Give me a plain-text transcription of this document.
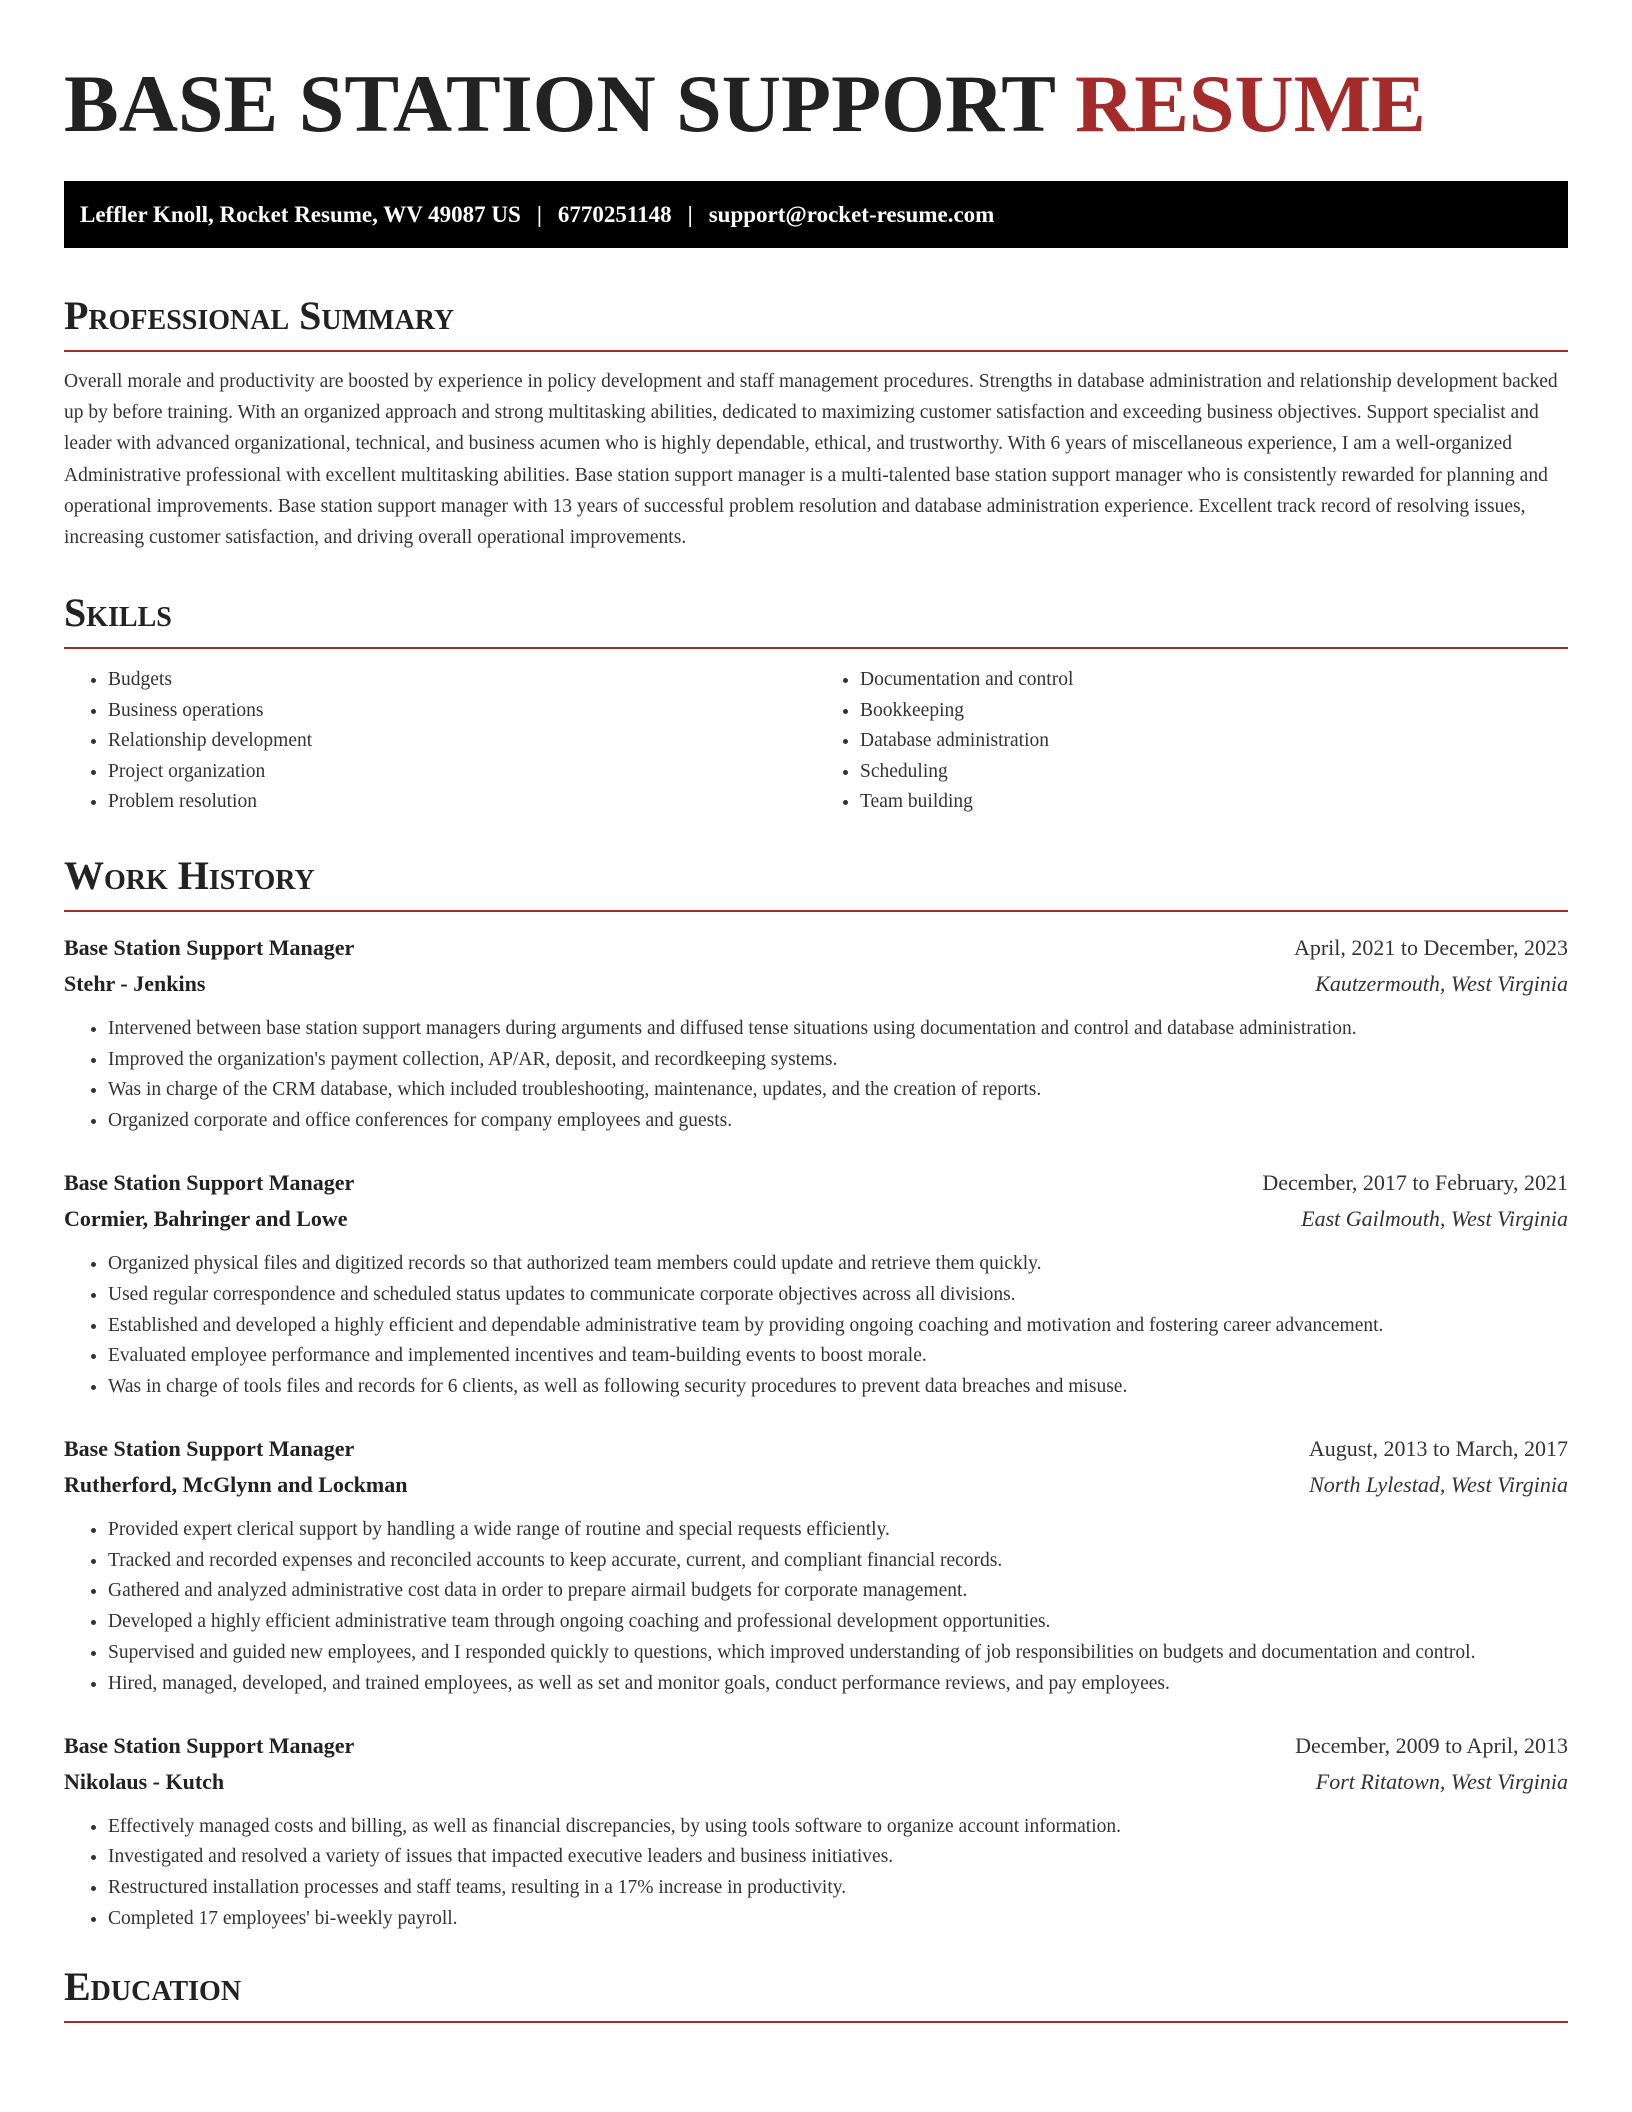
BASE STATION SUPPORT RESUME
Leffler Knoll, Rocket Resume, WV 49087 US | 6770251148 | support@rocket-resume.com
Professional Summary

Overall morale and productivity are boosted by experience in policy development and staff management procedures. Strengths in database administration and relationship development backed up by before training. With an organized approach and strong multitasking abilities, dedicated to maximizing customer satisfaction and exceeding business objectives. Support specialist and leader with advanced organizational, technical, and business acumen who is highly dependable, ethical, and trustworthy. With 6 years of miscellaneous experience, I am a well-organized Administrative professional with excellent multitasking abilities. Base station support manager is a multi-talented base station support manager who is consistently rewarded for planning and operational improvements. Base station support manager with 13 years of successful problem resolution and database administration experience. Excellent track record of resolving issues, increasing customer satisfaction, and driving overall operational improvements.

Skills
• Budgets
• Business operations
• Relationship development
• Project organization
• Problem resolution
• Documentation and control
• Bookkeeping
• Database administration
• Scheduling
• Team building
Work History
Base Station Support Manager	April, 2021 to December, 2023
Stehr - Jenkins	Kautzermouth, West Virginia
• Intervened between base station support managers during arguments and diffused tense situations using documentation and control and database administration.
• Improved the organization's payment collection, AP/AR, deposit, and recordkeeping systems.
• Was in charge of the CRM database, which included troubleshooting, maintenance, updates, and the creation of reports.
• Organized corporate and office conferences for company employees and guests.
Base Station Support Manager	December, 2017 to February, 2021
Cormier, Bahringer and Lowe	East Gailmouth, West Virginia
• Organized physical files and digitized records so that authorized team members could update and retrieve them quickly.
• Used regular correspondence and scheduled status updates to communicate corporate objectives across all divisions.
• Established and developed a highly efficient and dependable administrative team by providing ongoing coaching and motivation and fostering career advancement.
• Evaluated employee performance and implemented incentives and team-building events to boost morale.
• Was in charge of tools files and records for 6 clients, as well as following security procedures to prevent data breaches and misuse.
Base Station Support Manager	August, 2013 to March, 2017
Rutherford, McGlynn and Lockman	North Lylestad, West Virginia
• Provided expert clerical support by handling a wide range of routine and special requests efficiently.
• Tracked and recorded expenses and reconciled accounts to keep accurate, current, and compliant financial records.
• Gathered and analyzed administrative cost data in order to prepare airmail budgets for corporate management.
• Developed a highly efficient administrative team through ongoing coaching and professional development opportunities.
• Supervised and guided new employees, and I responded quickly to questions, which improved understanding of job responsibilities on budgets and documentation and control.
• Hired, managed, developed, and trained employees, as well as set and monitor goals, conduct performance reviews, and pay employees.
Base Station Support Manager	December, 2009 to April, 2013
Nikolaus - Kutch	Fort Ritatown, West Virginia
• Effectively managed costs and billing, as well as financial discrepancies, by using tools software to organize account information.
• Investigated and resolved a variety of issues that impacted executive leaders and business initiatives.
• Restructured installation processes and staff teams, resulting in a 17% increase in productivity.
• Completed 17 employees' bi-weekly payroll.
Education
